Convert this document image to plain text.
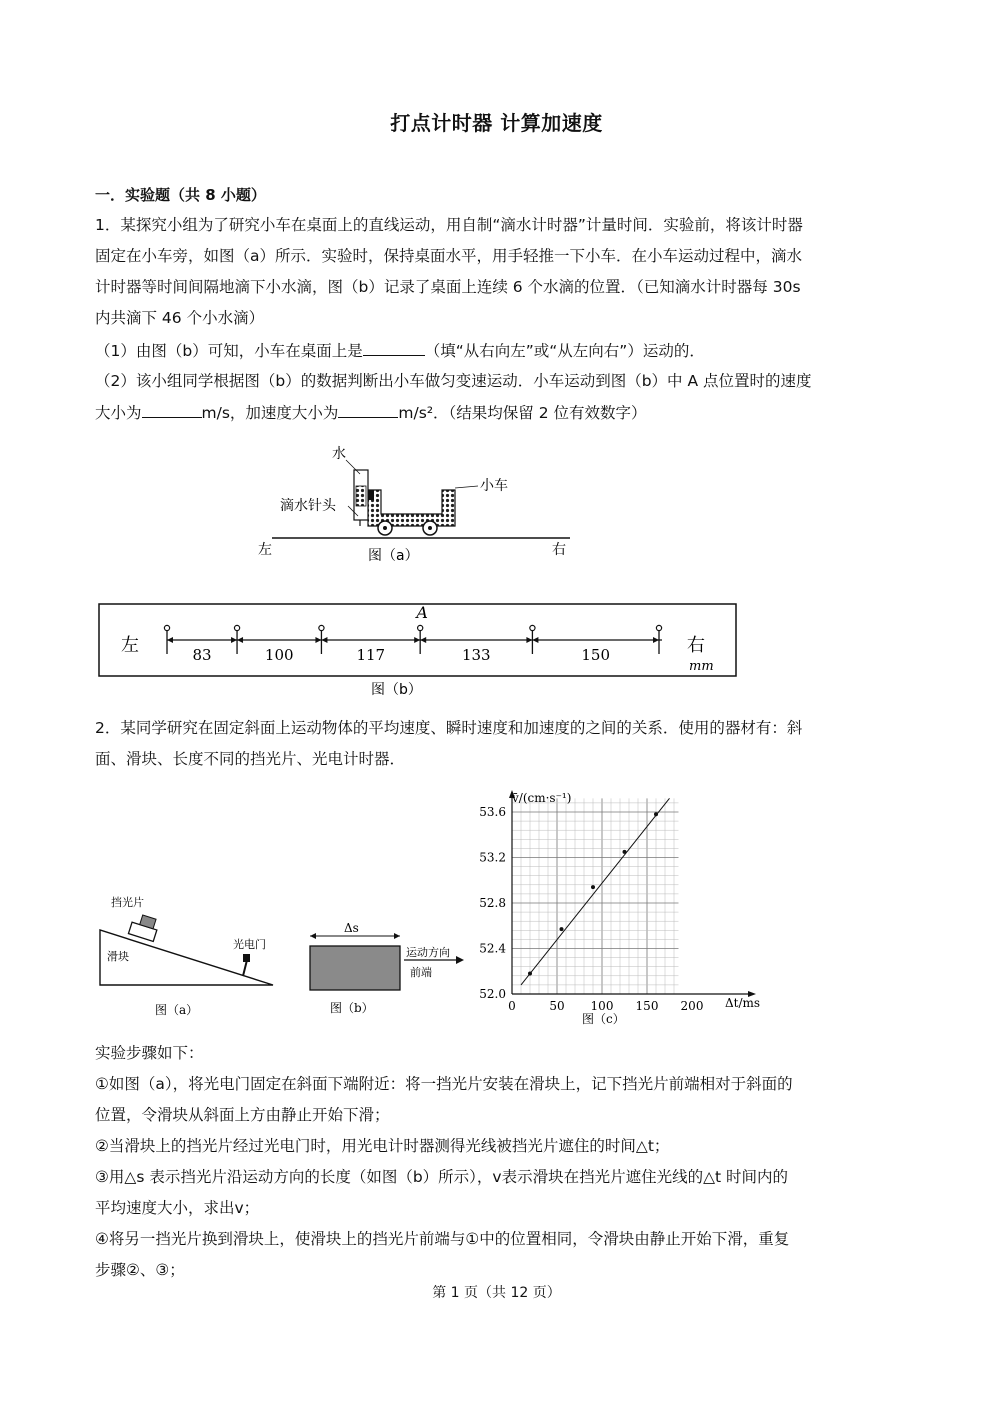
打点计时器 计算加速度
一．实验题（共 8 小题）
1．某探究小组为了研究小车在桌面上的直线运动，用自制“滴水计时器”计量时间．实验前，将该计时器
固定在小车旁，如图（a）所示．实验时，保持桌面水平，用手轻推一下小车．在小车运动过程中，滴水
计时器等时间间隔地滴下小水滴，图（b）记录了桌面上连续 6 个水滴的位置．（已知滴水计时器每 30s
内共滴下 46 个小水滴）
（1）由图（b）可知，小车在桌面上是	（填“从右向左”或“从左向右”）运动的．
（2）该小组同学根据图（b）的数据判断出小车做匀变速运动．小车运动到图（b）中 A 点位置时的速度
大小为	m/s，加速度大小为	m/s²．（结果均保留 2 位有效数字）
水
滴水针头
小车
左	右
图（a）
83	100	117	133	150
A
左	右
mm
图（b）
2．某同学研究在固定斜面上运动物体的平均速度、瞬时速度和加速度的之间的关系．使用的器材有：斜
面、滑块、长度不同的挡光片、光电计时器．
挡光片
滑块
光电门
图（a）
Δs
运动方向
前端
图（b）	0	50 100 150 200
52.0
52.4
52.8
53.2
53.6
v̄/(cm·s⁻¹)
Δt/ms
图（c）
实验步骤如下：
①如图（a），将光电门固定在斜面下端附近：将一挡光片安装在滑块上，记下挡光片前端相对于斜面的
位置，令滑块从斜面上方由静止开始下滑；
②当滑块上的挡光片经过光电门时，用光电计时器测得光线被挡光片遮住的时间△t；
③用△s 表示挡光片沿运动方向的长度（如图（b）所示），v表示滑块在挡光片遮住光线的△t 时间内的
平均速度大小，求出v；
④将另一挡光片换到滑块上，使滑块上的挡光片前端与①中的位置相同，令滑块由静止开始下滑，重复
步骤②、③；
第 1 页（共 12 页）
